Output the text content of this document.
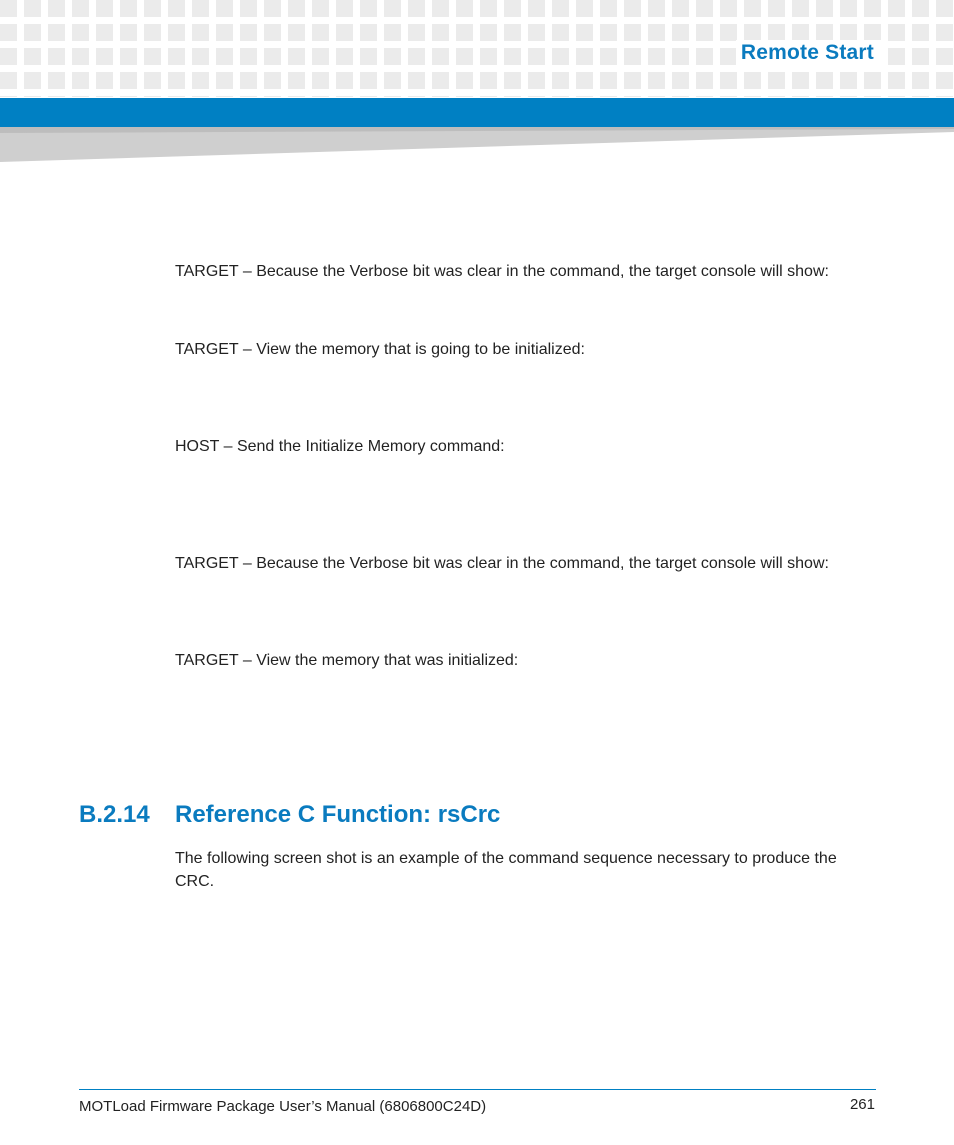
Remote Start
TARGET – Because the Verbose bit was clear in the command, the target console will show:
TARGET – View the memory that is going to be initialized:
HOST – Send the Initialize Memory command:
TARGET – Because the Verbose bit was clear in the command, the target console will show:
TARGET – View the memory that was initialized:
B.2.14 Reference C Function: rsCrc
The following screen shot is an example of the command sequence necessary to produce the CRC.
MOTLoad Firmware Package User’s Manual (6806800C24D)	261
